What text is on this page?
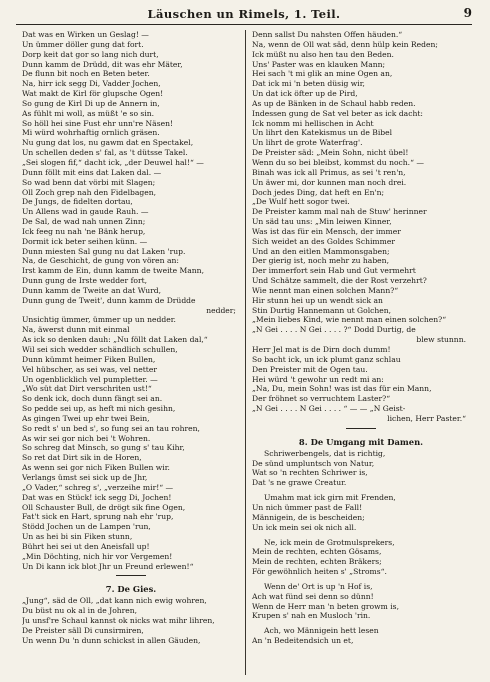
Läuschen un Rimels, 1. Teil.	9
Dat was en Wirken un Geslag! —
Un ümmer döller gung dat fort.
Dorp keit dat gor so lang nich durt,
Dunn kamm de Drüdd, dit was ehr Mäter,
De flunn bit noch en Beten beter.
Na, hirr ick segg Di, Vadder Jochen,
Wat makt de Kirl för glupsche Ogen!
So gung de Kirl Di up de Annern in,
As fühlt mi woll, as müßt 'e so sin.
So höll hei sine Fust ehr unn're Näsen!
Mi würd wohrhaftig ornlich gräsen.
Nu gung dat los, nu gawm dat en Spectakel,
Un schellen deden s' fal, as 't dütsse Takel.
„Sei slogen fif,“ dacht ick, „der Deuwel hal!“ —
Dunn föllt mit eins dat Laken dal. —
So wad benn dat vörbi mit Slagen;
Oll Zoch grep nah den Fidelbagen,
De Jungs, de fidelten dortau,
Un Allens wad in gaude Rauh. —
De Sal, de wad nah unnen Zinn;
Ick feeg nu nah 'ne Bänk herup,
Dormit ick beter seihen künn. —
Dunn miesten Sal gung nu dat Laken 'rup.
Na, de Geschicht, de gung von vören an:
Irst kamm de Ein, dunn kamm de tweite Mann,
Dunn gung de Irste wedder fort,
Dunn kamm de Tweite an dat Wurd,
Dunn gung de Tweit', dunn kamm de Drüdde
nedder;
Unsichtig ümmer, ümmer up un nedder.
Na, äwerst dunn mit einmal
As ick so denken dauh: „Nu föllt dat Laken dal,“
Wil sei sich wedder schändlich schullen,
Dunn kümmt heimer Fiken Bullen,
Vel hübscher, as sei was, vel netter
Un ogenblicklich vel pumpletter. —
„Wo süt dat Dirt verschriten ust!“
So denk ick, doch dunn fängt sei an.
So pedde sei up, as heft mi nich gesihn,
As gingen Twei up ehr twei Bein,
So redt s' un bed s', so fung sei an tau rohren,
As wir sei gor nich bei 't Wohren.
So schreg dat Minsch, so gung s' tau Kihr,
So ret dat Dirt sik in de Horen,
As wenn sei gor nich Fiken Bullen wir.
Verlangs ümst sei sick up de Jhr,
„O Vader,“ schreg s', „verzeihe mir!“ —
Dat was en Stück! ick segg Di, Jochen!
Oll Schauster Bull, de drögt sik fine Ogen,
Fat't sick en Hart, sprung nah ehr 'rup,
Stödd Jochen un de Lampen 'run,
Un as hei bi sin Fiken stunn,
Bührt hei sei ut den Aneisfall up!
„Min Döchting, nich hir vor Vergemen!
Un Di kann ick blot Jhr un Freund erlewen!“
7. De Gies.
„Jung“, säd de Oll, „dat kann nich ewig wohren,
Du büst nu ok al in de Johren,
Ju unsf're Schaul kannst ok nicks wat mihr lihren,
De Preister säll Di cunsirmiren,
Un wenn Du 'n dunn schickst in allen Gäuden,
Denn sallst Du nahsten Offen häuden.“
Na, wenn de Oll wat säd, denn hülp kein Reden;
Ick müßt nu also hen tau den Beden.
Uns' Paster was en klauken Mann;
Hei sach 't mi glik an mine Ogen an,
Dat ick mi 'n beten düsig wir,
Un dat ick öfter up de Pird,
As up de Bänken in de Schaul habb reden.
Indessen gung de Sat vel beter as ick dacht:
Ick nomm mi hellischen in Acht
Un lihrt den Katekismus un de Bibel
Un lihrt de grote Waterfrag'.
De Preister säd: „Mein Sohn, nicht übel!
Wenn du so bei bleibst, kommst du noch.“ —
Binah was ick all Primus, as sei 't ren'n,
Un äwer mi, dor kunnen man noch drei.
Doch jedes Ding, dat heft en En'n;
„De Wulf hett sogor twei.
De Preister kamm mal nah de Stuw' herinner
Un säd tau uns: „Min leiwen Kinner,
Was ist das für ein Mensch, der immer
Sich weidet an des Goldes Schimmer
Und an den eitlen Mammonsgaben;
Der gierig ist, noch mehr zu haben,
Der immerfort sein Hab und Gut vermehrt
Und Schätze sammelt, die der Rost verzehrt?
Wie nennt man einen solchen Mann?“
Hir stunn hei up un wendt sick an
Stin Durtig Hannemann ut Golchen,
„Mein liebes Kind, wie nennt man einen solchen?“
„N Gei . . . . N Gei . . . . ?“ Dodd Durtig, de
blew stunnn.
Herr Jel mat is de Dirn doch dumm!
So bacht ick, un ick plumt ganz schlau
Den Preister mit de Ogen tau.
Hei würd 't gewohr un redt mi an:
„Na, Du, mein Sohn! was ist das für ein Mann,
Der fröhnet so verruchtem Laster?“
„N Gei . . . . N Gei . . . . “ — — „N Geist-
lichen, Herr Paster.“
8. De Umgang mit Damen.
Schriwerbengels, dat is richtig,
De sünd umpluntsch von Natur,
Wat so 'n rechten Schriwer is,
Dat 's ne grawe Creatur.
Umahm mat ick girn mit Frenden,
Un nich ümmer past de Fall!
Männigein, de is bescheiden;
Un ick mein sei ok nich all.
Ne, ick mein de Grotmulsprekers,
Mein de rechten, echten Gösams,
Mein de rechten, echten Bräkers;
För gewöhnlich heiten s' „Stroms“.
Wenn de' Ort is up 'n Hof is,
Ach wat fünd sei denn so dünn!
Wenn de Herr man 'n beten growm is,
Krupen s' nah en Musloch 'rin.
Ach, wo Männigein hett lesen
An 'n Bedeitendsich un et,
